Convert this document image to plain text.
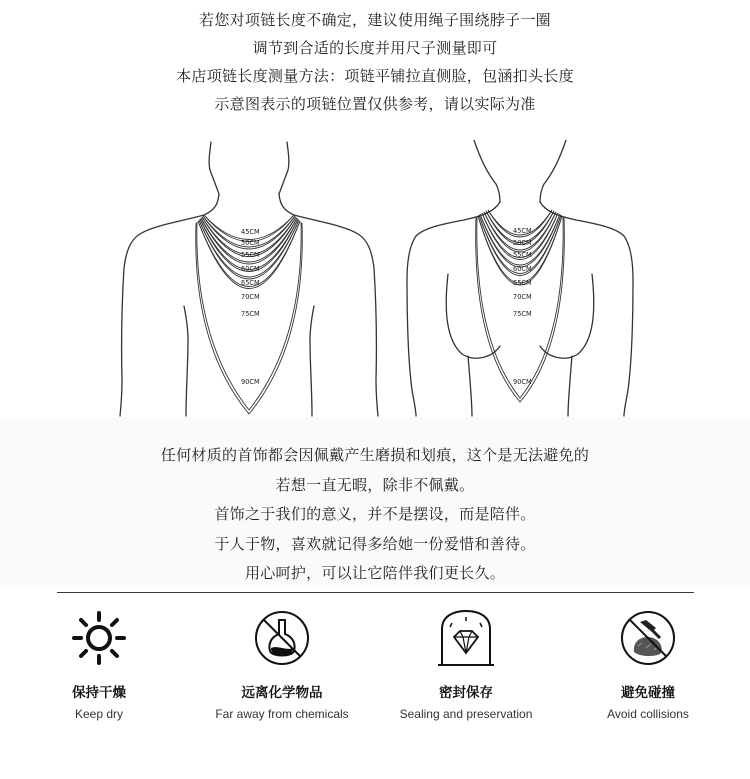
若您对项链长度不确定，建议使用绳子围绕脖子一圈

调节到合适的长度并用尺子测量即可

本店项链长度测量方法：项链平铺拉直侧脸，包涵扣头长度

示意图表示的项链位置仅供参考，请以实际为准

45CM
50CM
55CM
60CM
65CM
70CM
75CM
90CM
45CM
50CM
55CM
60CM
65CM
70CM
75CM
90CM

任何材质的首饰都会因佩戴产生磨损和划痕，这个是无法避免的

若想一直无暇，除非不佩戴。

首饰之于我们的意义，并不是摆设，而是陪伴。

于人于物，喜欢就记得多给她一份爱惜和善待。

用心呵护，可以让它陪伴我们更长久。

保持干燥
Keep dry
远离化学物品
Far away from chemicals
密封保存
Sealing and preservation
避免碰撞
Avoid collisions
